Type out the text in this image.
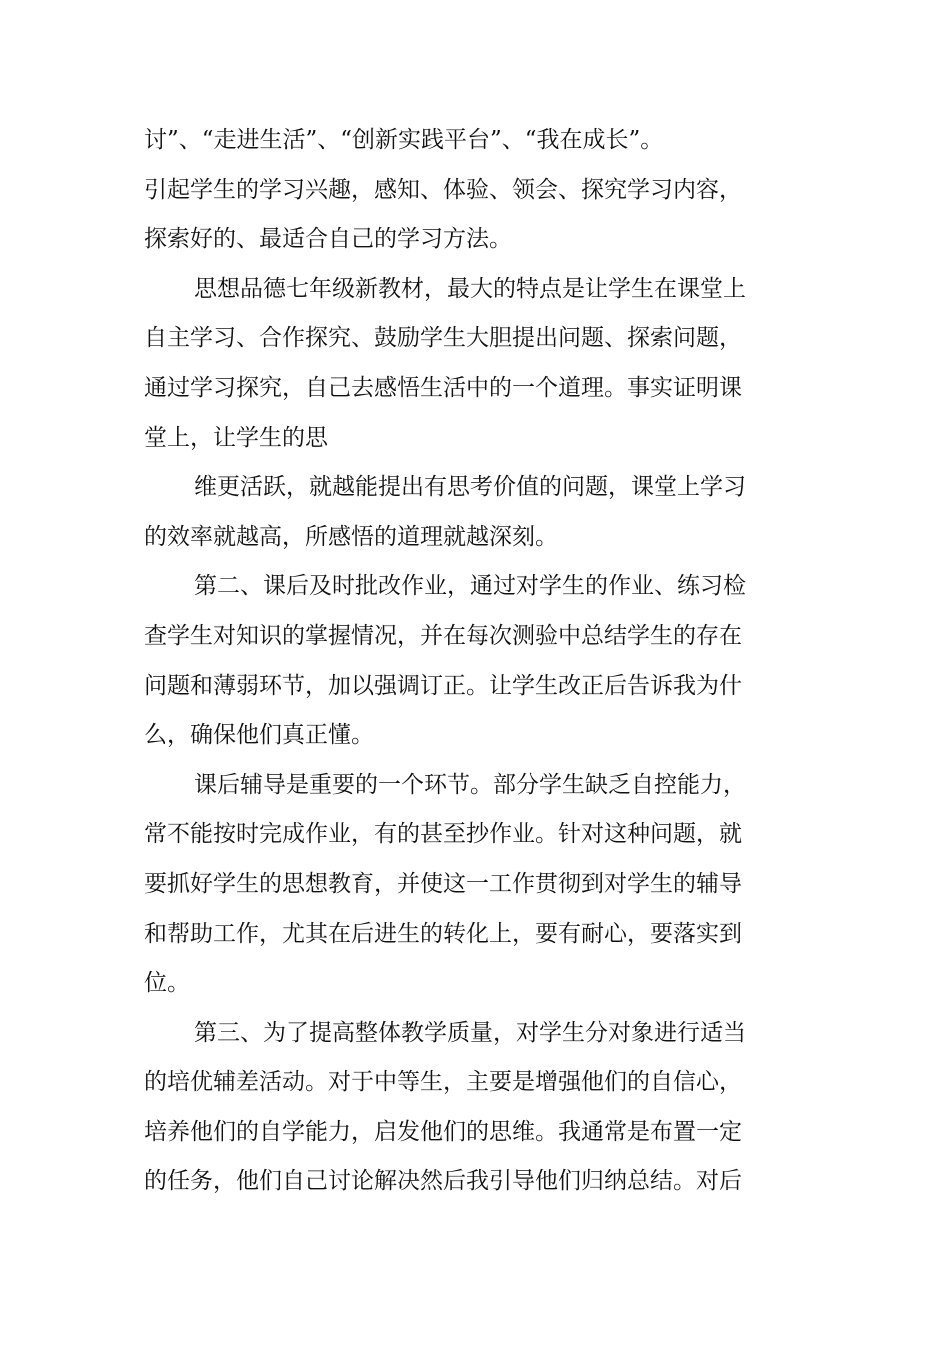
讨”、“走进生活”、“创新实践平台”、“我在成长”。
引起学生的学习兴趣，感知、体验、领会、探究学习内容，
探索好的、最适合自己的学习方法。
思想品德七年级新教材，最大的特点是让学生在课堂上
自主学习、合作探究、鼓励学生大胆提出问题、探索问题，
通过学习探究，自己去感悟生活中的一个道理。事实证明课
堂上，让学生的思
维更活跃，就越能提出有思考价值的问题，课堂上学习
的效率就越高，所感悟的道理就越深刻。
第二、课后及时批改作业，通过对学生的作业、练习检
查学生对知识的掌握情况，并在每次测验中总结学生的存在
问题和薄弱环节，加以强调订正。让学生改正后告诉我为什
么，确保他们真正懂。
课后辅导是重要的一个环节。部分学生缺乏自控能力，
常不能按时完成作业，有的甚至抄作业。针对这种问题，就
要抓好学生的思想教育，并使这一工作贯彻到对学生的辅导
和帮助工作，尤其在后进生的转化上，要有耐心，要落实到
位。
第三、为了提高整体教学质量，对学生分对象进行适当
的培优辅差活动。对于中等生，主要是增强他们的自信心，
培养他们的自学能力，启发他们的思维。我通常是布置一定
的任务，他们自己讨论解决然后我引导他们归纳总结。对后
